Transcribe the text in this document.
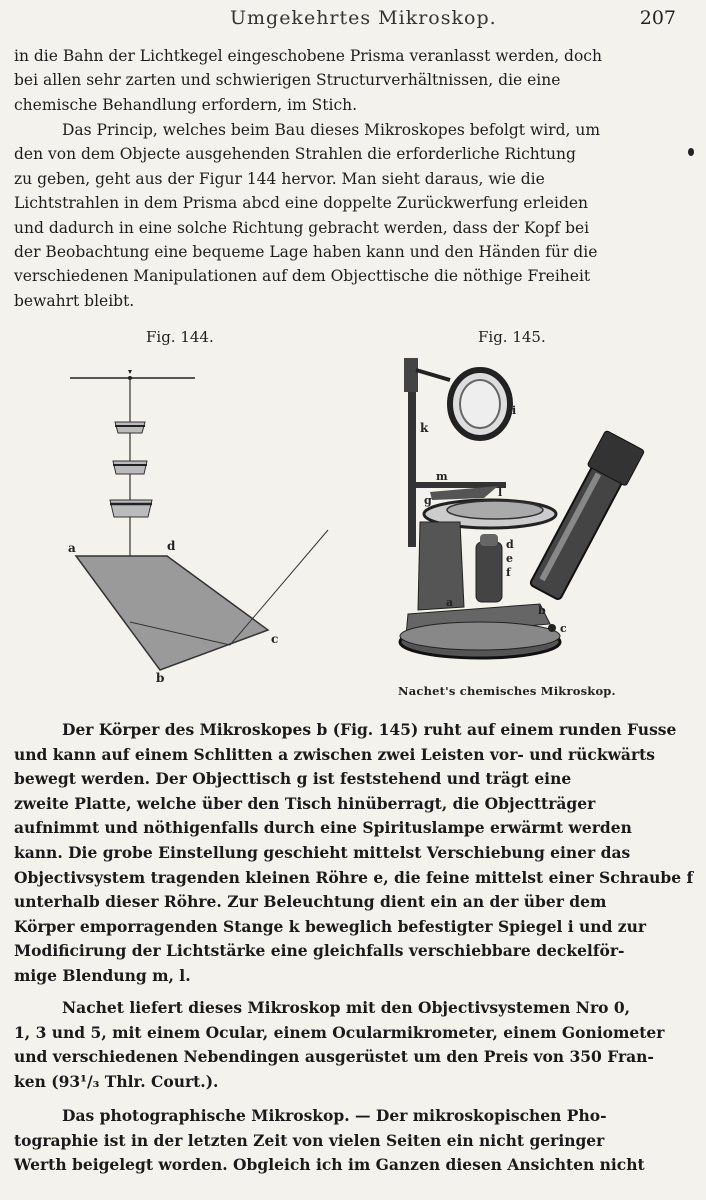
Umgekehrtes Mikroskop.	207
in die Bahn der Lichtkegel eingeschobene Prisma veranlasst werden, doch
bei allen sehr zarten und schwierigen Structurverhältnissen, die eine
chemische Behandlung erfordern, im Stich.
Das Princip, welches beim Bau dieses Mikroskopes befolgt wird, um
den von dem Objecte ausgehenden Strahlen die erforderliche Richtung
zu geben, geht aus der Figur 144 hervor. Man sieht daraus, wie die
Lichtstrahlen in dem Prisma abcd eine doppelte Zurückwerfung erleiden
und dadurch in eine solche Richtung gebracht werden, dass der Kopf bei
der Beobachtung eine bequeme Lage haben kann und den Händen für die
verschiedenen Manipulationen auf dem Objecttische die nöthige Freiheit
bewahrt bleibt.
Fig. 144.	Fig. 145.
a	d
c
b
i
k
m
l
g
d
e
f
a
b
c
Nachet's chemisches Mikroskop.
Der Körper des Mikroskopes b (Fig. 145) ruht auf einem runden Fusse
und kann auf einem Schlitten a zwischen zwei Leisten vor- und rückwärts
bewegt werden. Der Objecttisch g ist feststehend und trägt eine
zweite Platte, welche über den Tisch hinüberragt, die Objectträger
aufnimmt und nöthigenfalls durch eine Spirituslampe erwärmt werden
kann. Die grobe Einstellung geschieht mittelst Verschiebung einer das
Objectivsystem tragenden kleinen Röhre e, die feine mittelst einer Schraube f
unterhalb dieser Röhre. Zur Beleuchtung dient ein an der über dem
Körper emporragenden Stange k beweglich befestigter Spiegel i und zur
Modificirung der Lichtstärke eine gleichfalls verschiebbare deckelför-
mige Blendung m, l.
Nachet liefert dieses Mikroskop mit den Objectivsystemen Nro 0,
1, 3 und 5, mit einem Ocular, einem Ocularmikrometer, einem Goniometer
und verschiedenen Nebendingen ausgerüstet um den Preis von 350 Fran-
ken (93¹/₃ Thlr. Court.).
Das photographische Mikroskop. — Der mikroskopischen Pho-
tographie ist in der letzten Zeit von vielen Seiten ein nicht geringer
Werth beigelegt worden. Obgleich ich im Ganzen diesen Ansichten nicht
